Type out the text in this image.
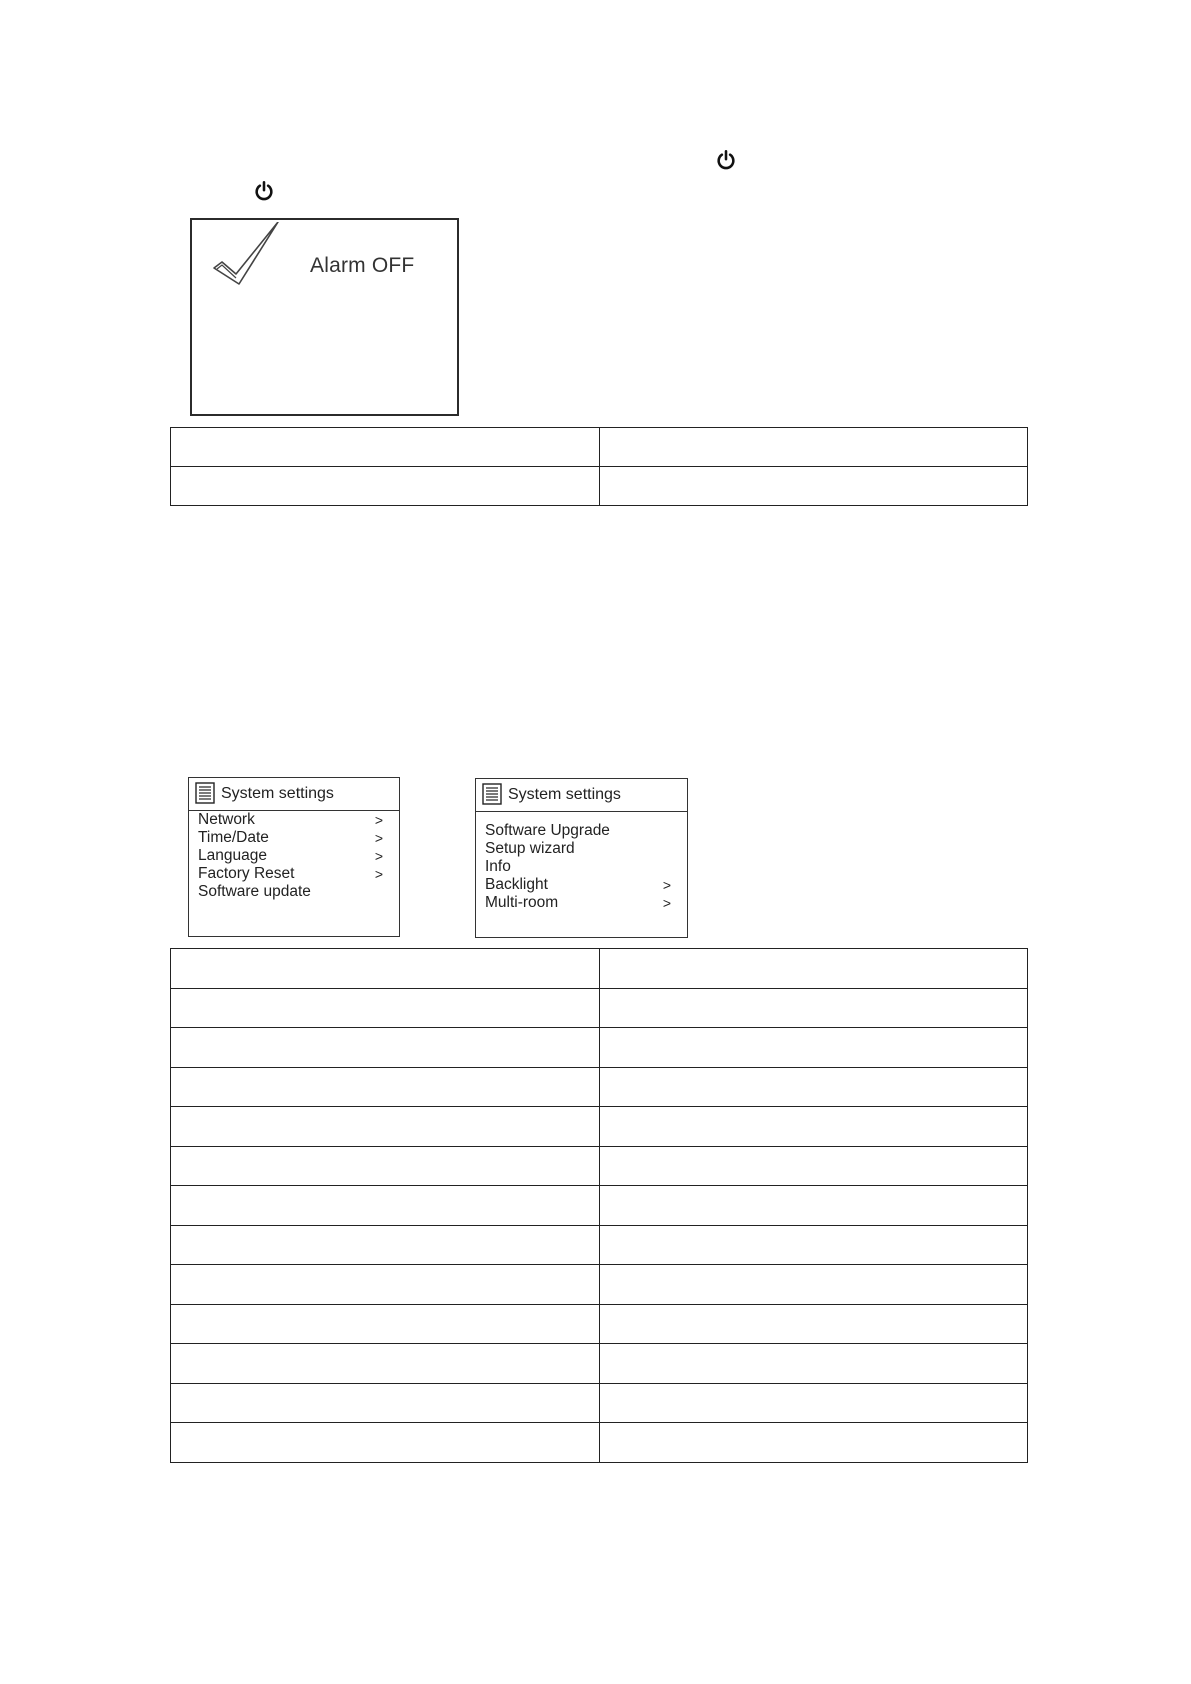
Alarm OFF

System settings
Network	>
Time/Date	>
Language	>
Factory Reset	>
Software update
System settings
Software Upgrade
Setup wizard
Info
Backlight	>
Multi-room	>
